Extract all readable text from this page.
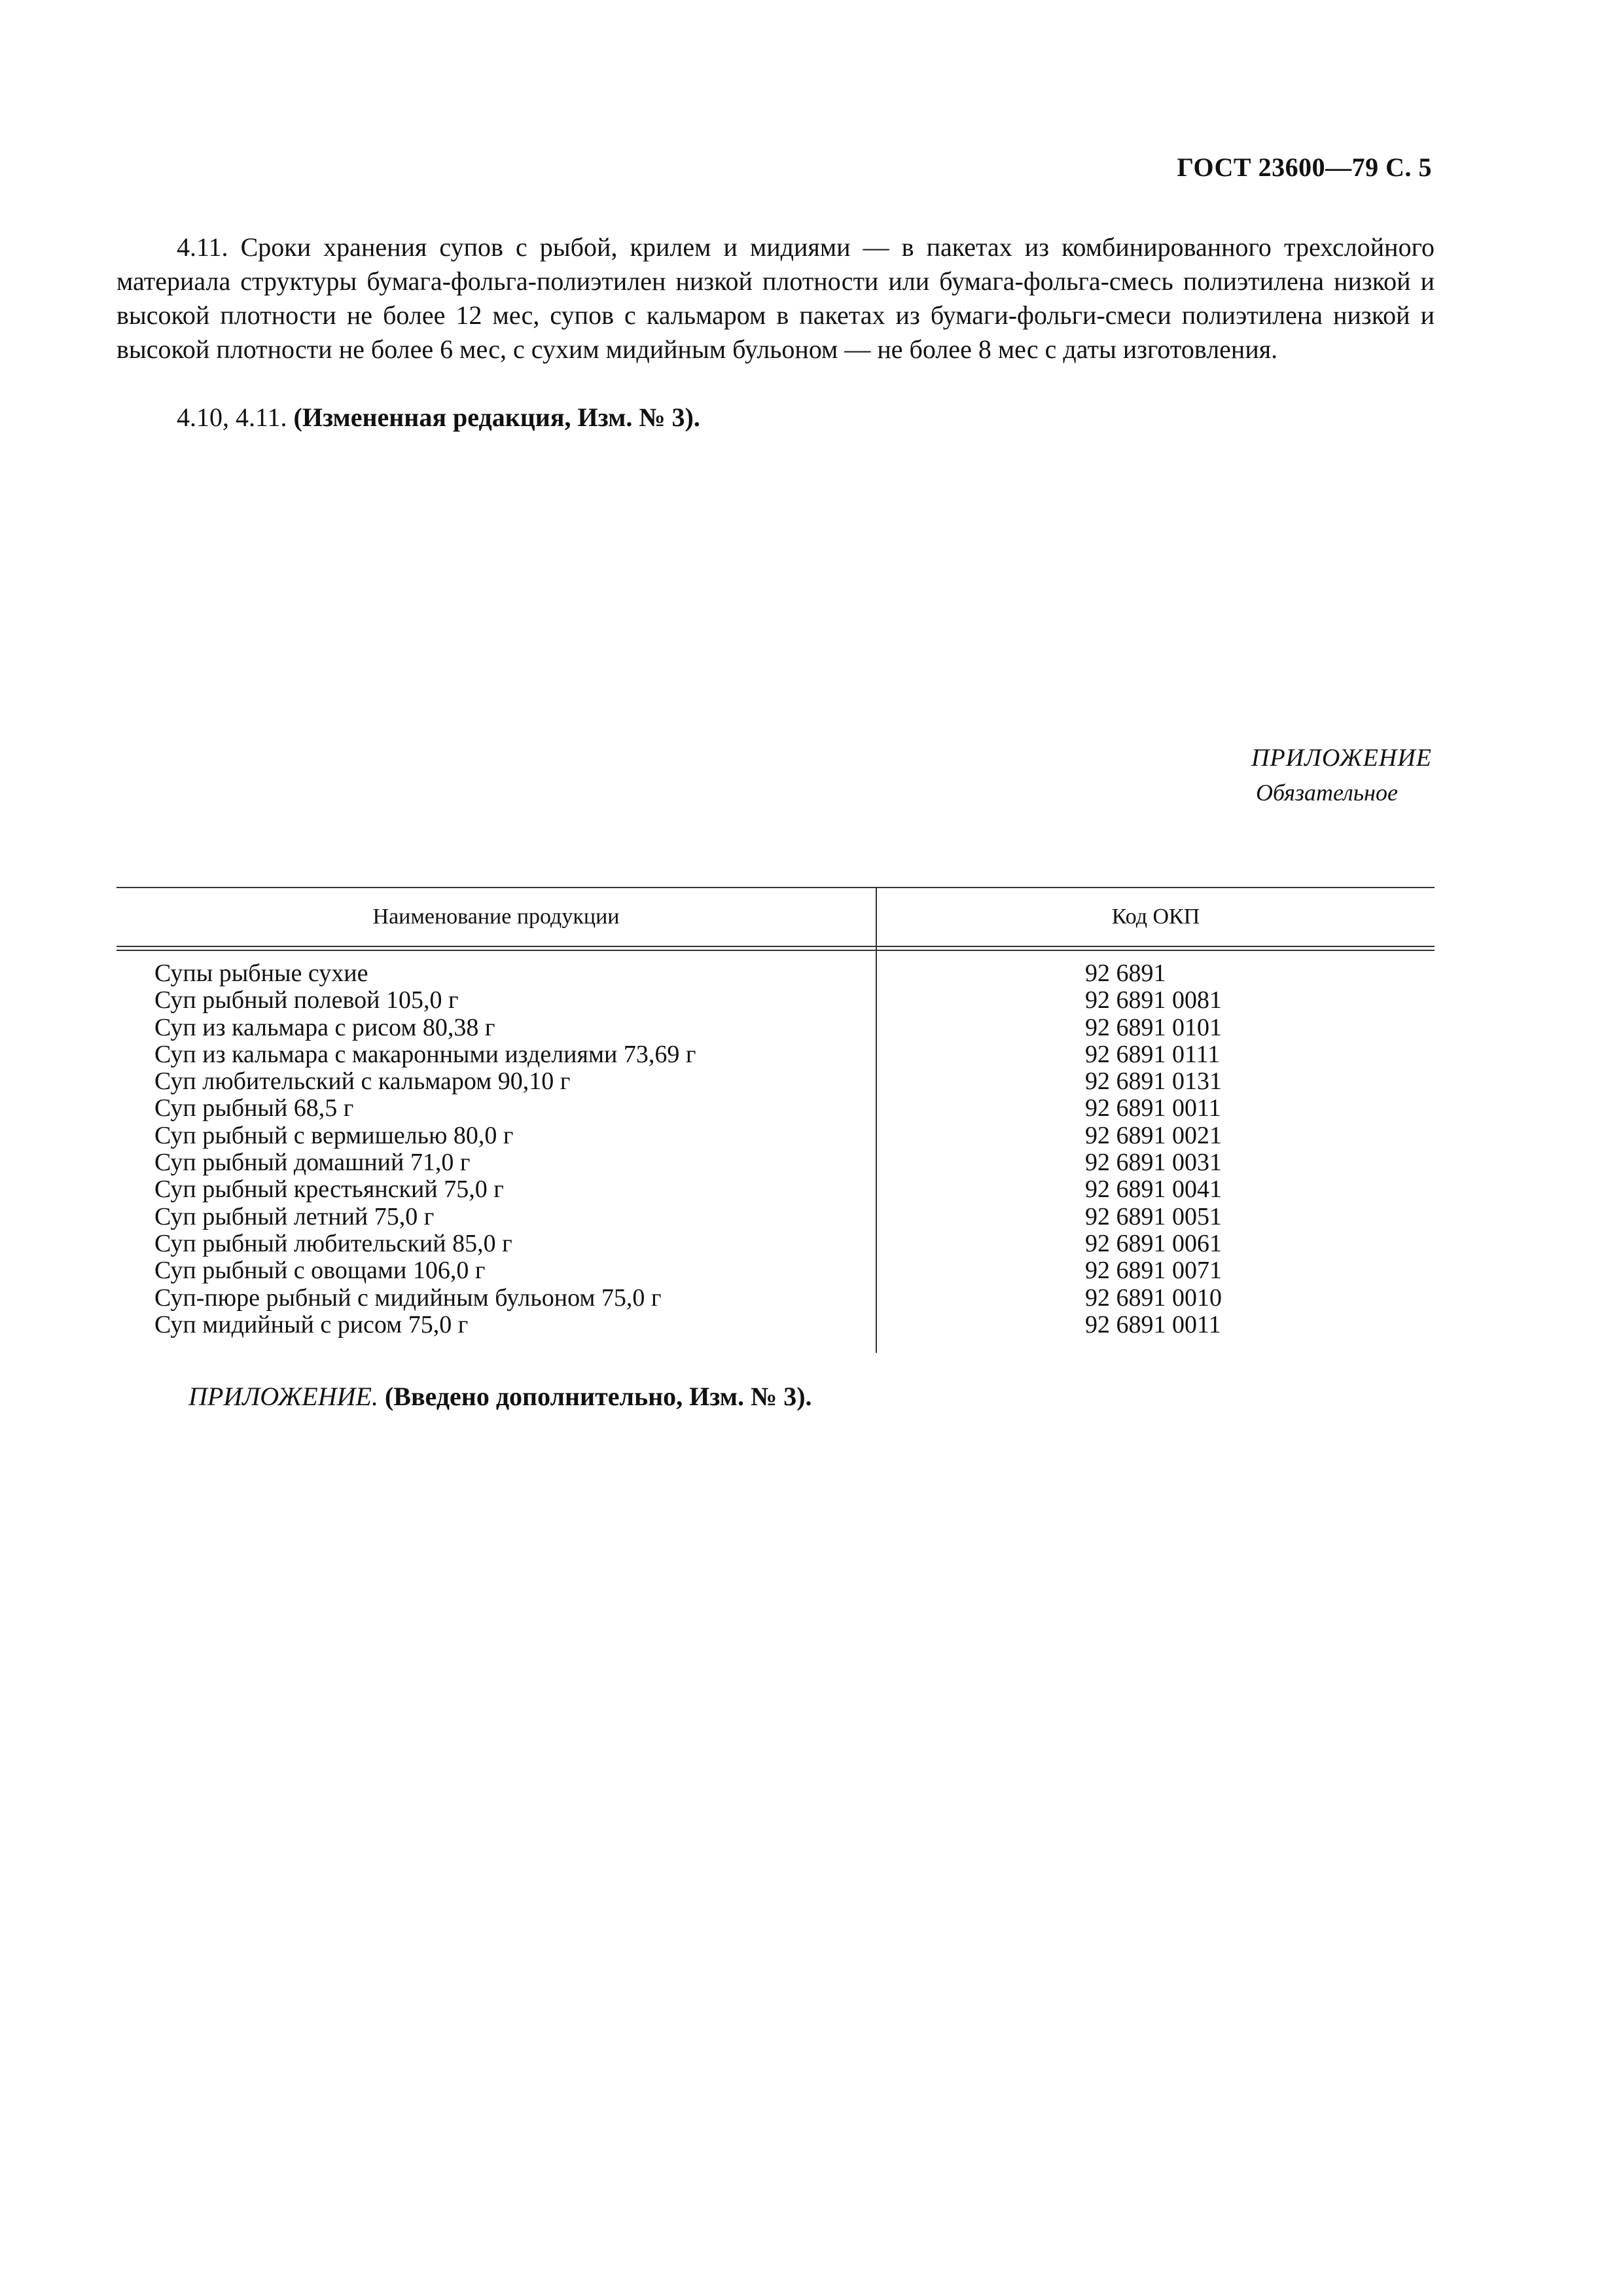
ГОСТ 23600—79 С. 5

4.11. Сроки хранения супов с рыбой, крилем и мидиями — в пакетах из комбинированного трехслойного материала структуры бумага-фольга-полиэтилен низкой плотности или бумага-фольга-смесь полиэтилена низкой и высокой плотности не более 12 мес, супов с кальмаром в пакетах из бумаги-фольги-смеси полиэтилена низкой и высокой плотности не более 6 мес, с сухим мидийным бульоном — не более 8 мес с даты изготовления.

4.10, 4.11. (Измененная редакция, Изм. № 3).

ПРИЛОЖЕНИЕ
Обязательное
Наименование продукции	Код ОКП
Супы рыбные сухие	92 6891
Суп рыбный полевой 105,0 г	92 6891 0081
Суп из кальмара с рисом 80,38 г	92 6891 0101
Суп из кальмара с макаронными изделиями 73,69 г	92 6891 0111
Суп любительский с кальмаром 90,10 г	92 6891 0131
Суп рыбный 68,5 г	92 6891 0011
Суп рыбный с вермишелью 80,0 г	92 6891 0021
Суп рыбный домашний 71,0 г	92 6891 0031
Суп рыбный крестьянский 75,0 г	92 6891 0041
Суп рыбный летний 75,0 г	92 6891 0051
Суп рыбный любительский 85,0 г	92 6891 0061
Суп рыбный с овощами 106,0 г	92 6891 0071
Суп-пюре рыбный с мидийным бульоном 75,0 г	92 6891 0010
Суп мидийный с рисом 75,0 г	92 6891 0011
ПРИЛОЖЕНИЕ. (Введено дополнительно, Изм. № 3).
